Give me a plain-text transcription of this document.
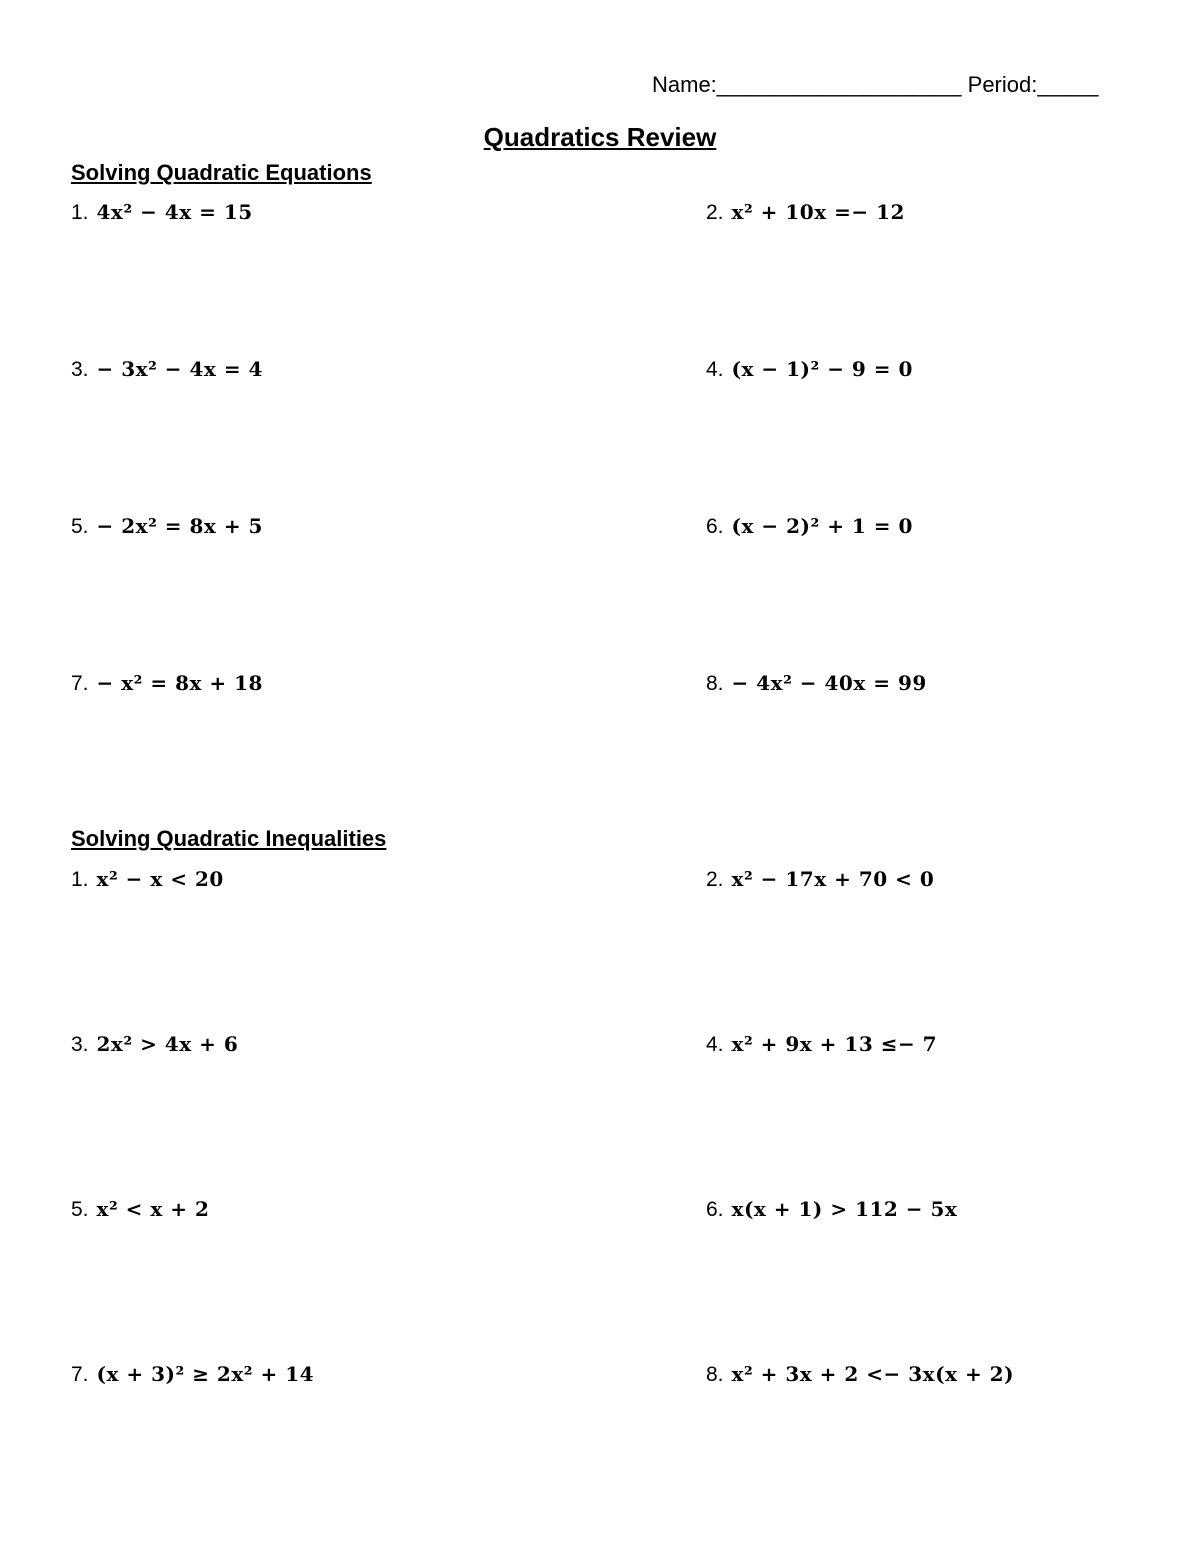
Name:____________________ Period:_____
Quadratics Review
Solving Quadratic Equations
1. 4x² − 4x = 15	2. x² + 10x =− 12
3. − 3x² − 4x = 4	4. (x − 1)² − 9 = 0
5. − 2x² = 8x + 5	6. (x − 2)² + 1 = 0
7. − x² = 8x + 18	8. − 4x² − 40x = 99
Solving Quadratic Inequalities
1. x² − x < 20	2. x² − 17x + 70 < 0
3. 2x² > 4x + 6	4. x² + 9x + 13 ≤− 7
5. x² < x + 2	6. x(x + 1) > 112 − 5x
7. (x + 3)² ≥ 2x² + 14	8. x² + 3x + 2 <− 3x(x + 2)
